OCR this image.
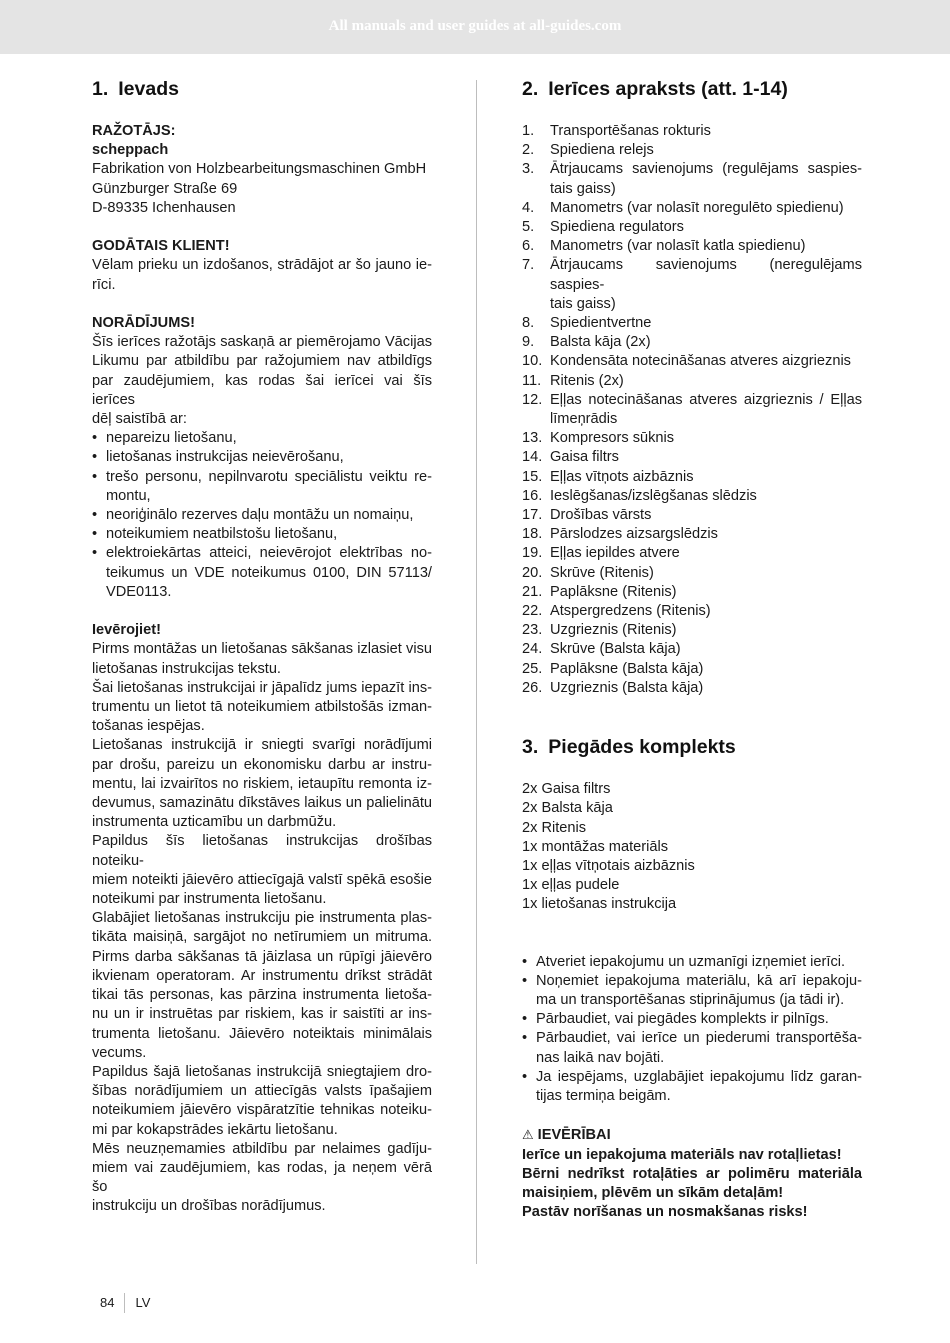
All manuals and user guides at all-guides.com
1. Ievads
RAŽOTĀJS:
scheppach
Fabrikation von Holzbearbeitungsmaschinen GmbH
Günzburger Straße 69
D-89335 Ichenhausen
GODĀTAIS KLIENT!
Vēlam prieku un izdošanos, strādājot ar šo jauno ie-
rīci.
NORĀDĪJUMS!
Šīs ierīces ražotājs saskaņā ar piemērojamo Vācijas
Likumu par atbildību par ražojumiem nav atbildīgs
par zaudējumiem, kas rodas šai ierīcei vai šīs ierīces
dēļ saistībā ar:
• nepareizu lietošanu,
• lietošanas instrukcijas neievērošanu,
• trešo personu, nepilnvarotu speciālistu veiktu re-
montu,
• neoriģinālo rezerves daļu montāžu un nomaiņu,
• noteikumiem neatbilstošu lietošanu,
• elektroiekārtas atteici, neievērojot elektrības no-
teikumus un VDE noteikumus 0100, DIN 57113/
VDE0113.
Ievērojiet!
Pirms montāžas un lietošanas sākšanas izlasiet visu
lietošanas instrukcijas tekstu.
Šai lietošanas instrukcijai ir jāpalīdz jums iepazīt ins-
trumentu un lietot tā noteikumiem atbilstošās izman-
tošanas iespējas.
Lietošanas instrukcijā ir sniegti svarīgi norādījumi
par drošu, pareizu un ekonomisku darbu ar instru-
mentu, lai izvairītos no riskiem, ietaupītu remonta iz-
devumus, samazinātu dīkstāves laikus un palielinātu
instrumenta uzticamību un darbmūžu.
Papildus šīs lietošanas instrukcijas drošības noteiku-
miem noteikti jāievēro attiecīgajā valstī spēkā esošie
noteikumi par instrumenta lietošanu.
Glabājiet lietošanas instrukciju pie instrumenta plas-
tikāta maisiņā, sargājot no netīrumiem un mitruma.
Pirms darba sākšanas tā jāizlasa un rūpīgi jāievēro
ikvienam operatoram. Ar instrumentu drīkst strādāt
tikai tās personas, kas pārzina instrumenta lietoša-
nu un ir instruētas par riskiem, kas ir saistīti ar ins-
trumenta lietošanu. Jāievēro noteiktais minimālais
vecums.
Papildus šajā lietošanas instrukcijā sniegtajiem dro-
šības norādījumiem un attiecīgās valsts īpašajiem
noteikumiem jāievēro vispāratzītie tehnikas noteiku-
mi par kokapstrādes iekārtu lietošanu.
Mēs neuzņemamies atbildību par nelaimes gadīju-
miem vai zaudējumiem, kas rodas, ja neņem vērā šo
instrukciju un drošības norādījumus.
2. Ierīces apraksts (att. 1-14)
1. Transportēšanas rokturis
2. Spiediena relejs
3. Ātrjaucams savienojums (regulējams saspies-
tais gaiss)
4. Manometrs (var nolasīt noregulēto spiedienu)
5. Spiediena regulators
6. Manometrs (var nolasīt katla spiedienu)
7. Ātrjaucams savienojums (neregulējams saspies-
tais gaiss)
8. Spiedientvertne
9. Balsta kāja (2x)
10. Kondensāta notecināšanas atveres aizgrieznis
11. Ritenis (2x)
12. Eļļas notecināšanas atveres aizgrieznis / Eļļas
līmeņrādis
13. Kompresors sūknis
14. Gaisa filtrs
15. Eļļas vītņots aizbāznis
16. Ieslēgšanas/izslēgšanas slēdzis
17. Drošības vārsts
18. Pārslodzes aizsargslēdzis
19. Eļļas iepildes atvere
20. Skrūve (Ritenis)
21. Paplāksne (Ritenis)
22. Atspergredzens (Ritenis)
23. Uzgrieznis (Ritenis)
24. Skrūve (Balsta kāja)
25. Paplāksne (Balsta kāja)
26. Uzgrieznis (Balsta kāja)
3. Piegādes komplekts
2x Gaisa filtrs
2x Balsta kāja
2x Ritenis
1x montāžas materiāls
1x eļļas vītņotais aizbāznis
1x eļļas pudele
1x lietošanas instrukcija
• Atveriet iepakojumu un uzmanīgi izņemiet ierīci.
• Noņemiet iepakojuma materiālu, kā arī iepakoju-
ma un transportēšanas stiprinājumus (ja tādi ir).
• Pārbaudiet, vai piegādes komplekts ir pilnīgs.
• Pārbaudiet, vai ierīce un piederumi transportēša-
nas laikā nav bojāti.
• Ja iespējams, uzglabājiet iepakojumu līdz garan-
tijas termiņa beigām.
⚠ IEVĒRĪBAI
Ierīce un iepakojuma materiāls nav rotaļlietas!
Bērni nedrīkst rotaļāties ar polimēru materiāla
maisiņiem, plēvēm un sīkām detaļām!
Pastāv norīšanas un nosmakšanas risks!
84 LV
